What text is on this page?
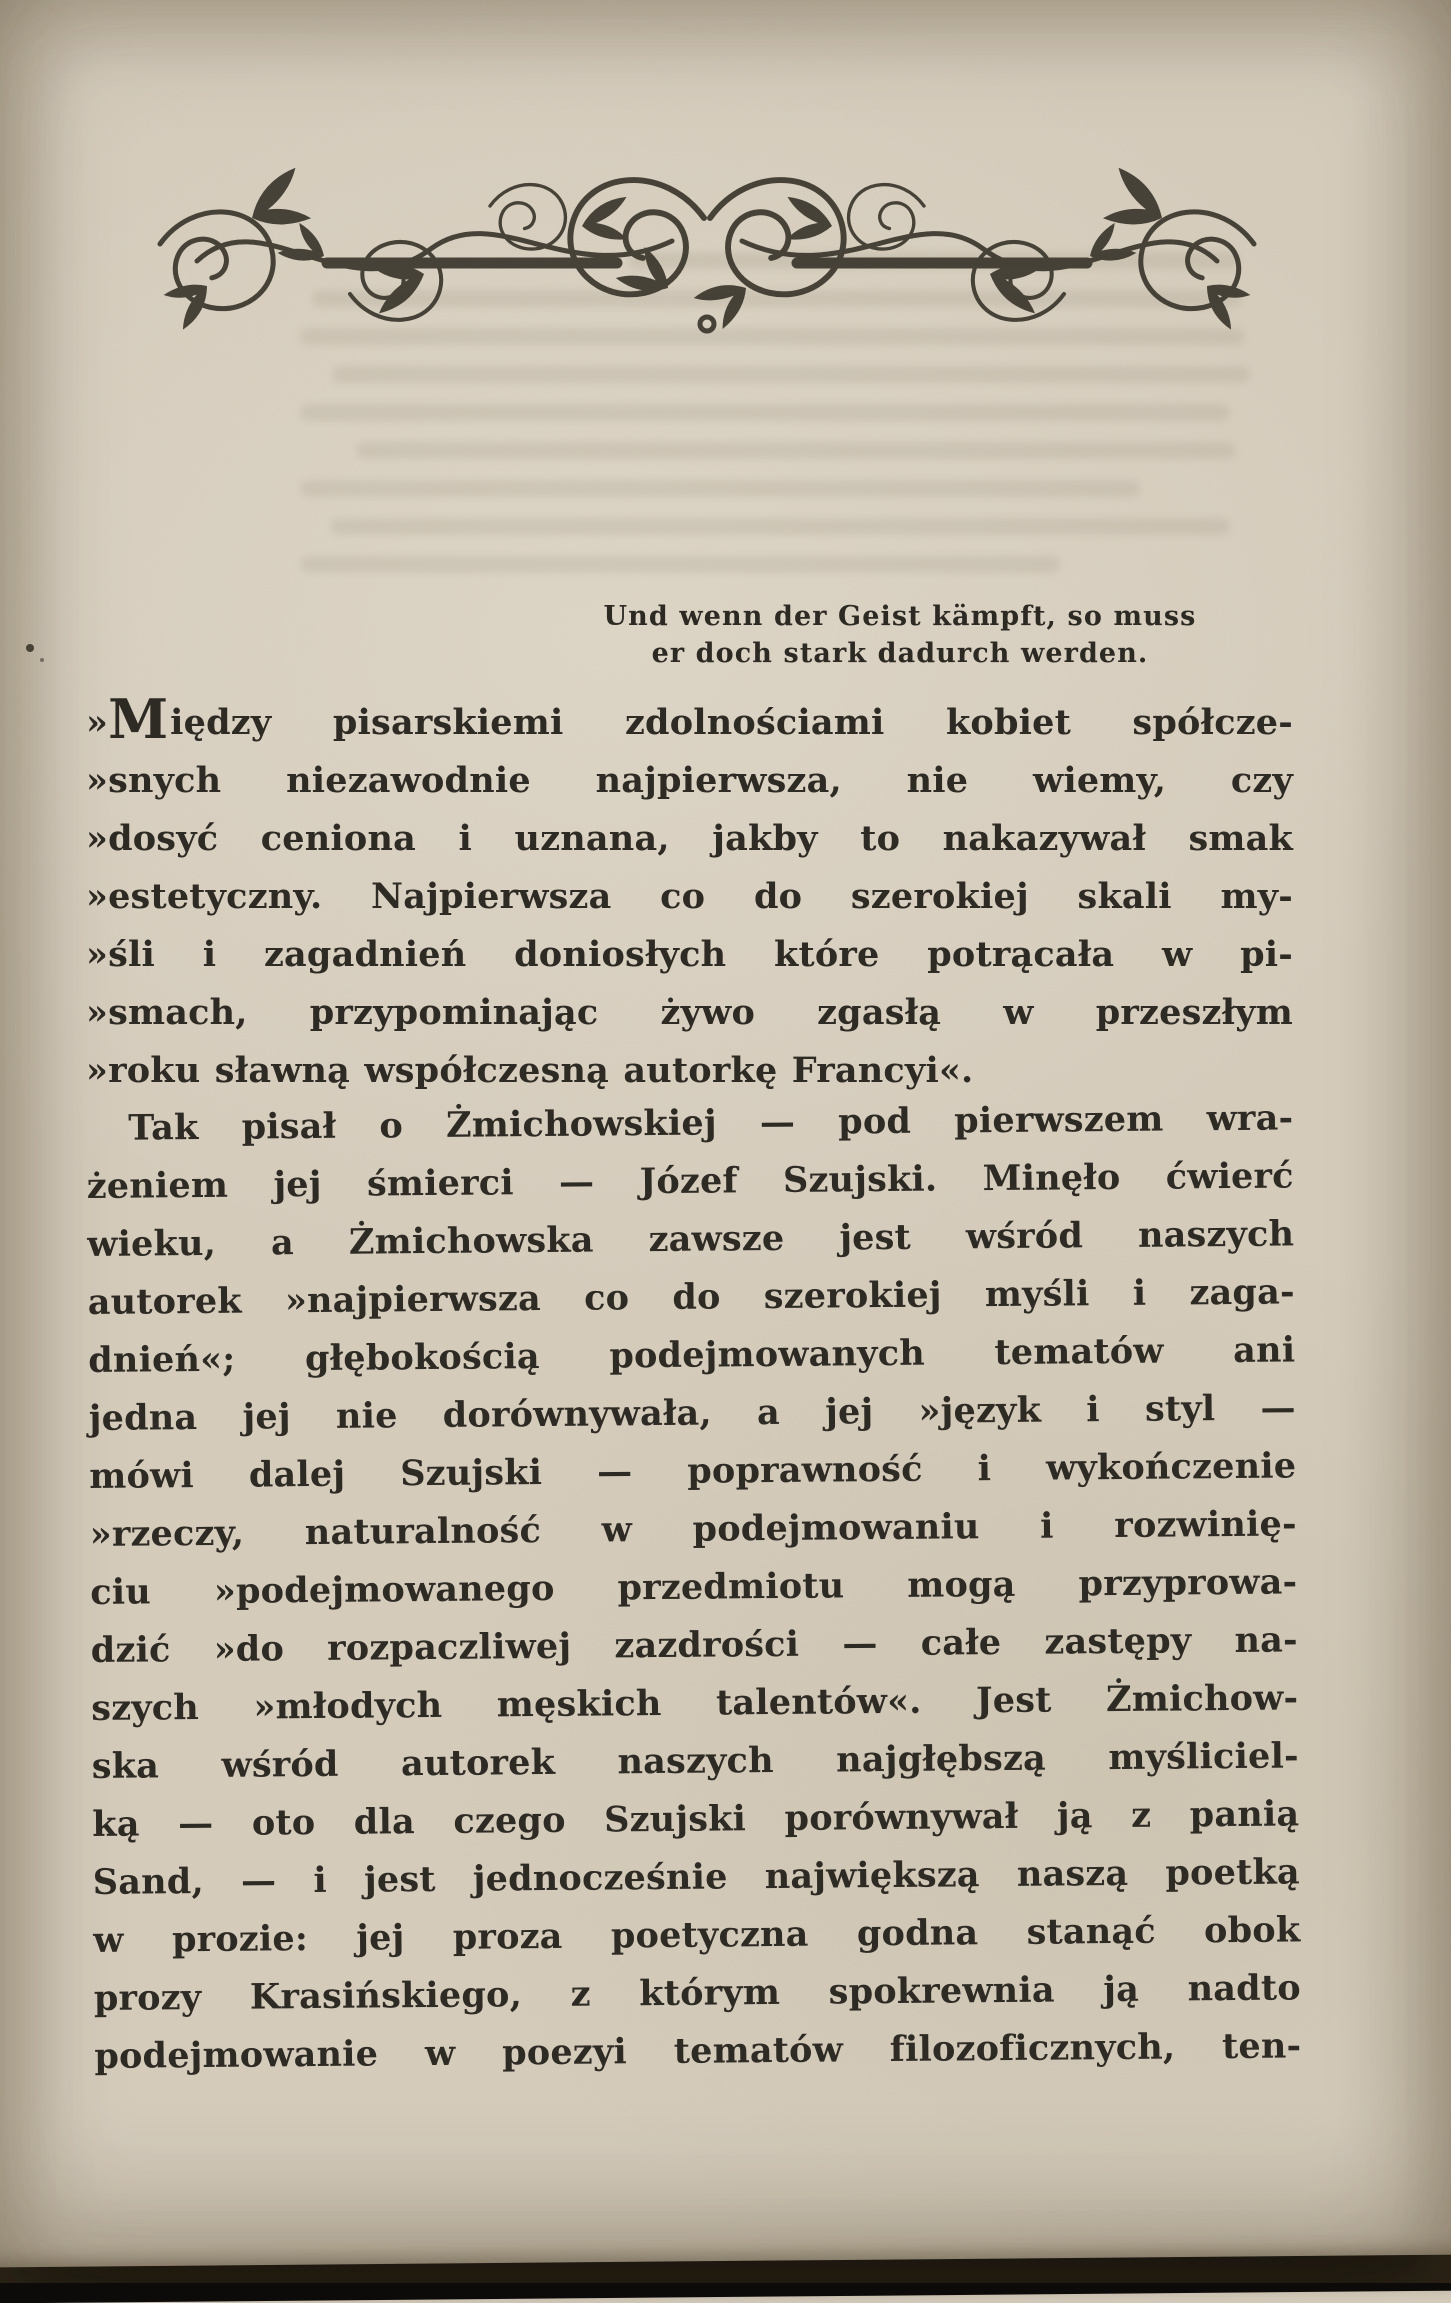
Und wenn der Geist kämpft, so muss
er doch stark dadurch werden.
»Między pisarskiemi zdolnościami kobiet spółcze-
»snych niezawodnie najpierwsza, nie wiemy, czy
»dosyć ceniona i uznana, jakby to nakazywał smak
»estetyczny. Najpierwsza co do szerokiej skali my-
»śli i zagadnień doniosłych które potrącała w pi-
»smach, przypominając żywo zgasłą w przeszłym
»roku sławną współczesną autorkę Francyi«.
Tak pisał o Żmichowskiej — pod pierwszem wra-
żeniem jej śmierci — Józef Szujski. Minęło ćwierć
wieku, a Żmichowska zawsze jest wśród naszych
autorek »najpierwsza co do szerokiej myśli i zaga-
dnień«; głębokością podejmowanych tematów ani
jedna jej nie dorównywała, a jej »język i styl —
mówi dalej Szujski — poprawność i wykończenie
»rzeczy, naturalność w podejmowaniu i rozwinię-
ciu »podejmowanego przedmiotu mogą przyprowa-
dzić »do rozpaczliwej zazdrości — całe zastępy na-
szych »młodych męskich talentów«. Jest Żmichow-
ska wśród autorek naszych najgłębszą myśliciel-
ką — oto dla czego Szujski porównywał ją z panią
Sand, — i jest jednocześnie największą naszą poetką
w prozie: jej proza poetyczna godna stanąć obok
prozy Krasińskiego, z którym spokrewnia ją nadto
podejmowanie w poezyi tematów filozoficznych, ten-
